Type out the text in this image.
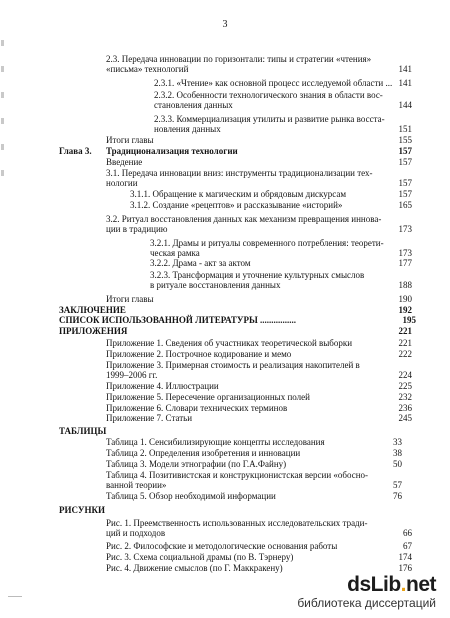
3
2.3. Передача инновации по горизонтали: типы и стратегии «чтения»
«письма» технологий	141
2.3.1. «Чтение» как основной процесс исследуемой области ... 141
2.3.2. Особенности технологического знания в области вос-
становления данных	144
2.3.3. Коммерциализация утилиты и развитие рынка восста-
новления данных	151
Итоги главы	155
Глава 3. Традиционализация технологии	157
Введение	157
3.1. Передача инновации вниз: инструменты традиционализации тех-
нологии	157
3.1.1. Обращение к магическим и обрядовым дискурсам	157
3.1.2. Создание «рецептов» и рассказывание «историй»	165
3.2. Ритуал восстановления данных как механизм превращения иннова-
ции в традицию	173
3.2.1. Драмы и ритуалы современного потребления: теорети-
ческая рамка	173
3.2.2. Драма - акт за актом	177
3.2.3. Трансформация и уточнение культурных смыслов
в ритуале восстановления данных	188
Итоги главы	190
ЗАКЛЮЧЕНИЕ	192
СПИСОК ИСПОЛЬЗОВАННОЙ ЛИТЕРАТУРЫ ................	195
ПРИЛОЖЕНИЯ	221
Приложение 1. Сведения об участниках теоретической выборки	221
Приложение 2. Построчное кодирование и мемо	222
Приложение 3. Примерная стоимость и реализация накопителей в
1999–2006 гг.	224
Приложение 4. Иллюстрации	225
Приложение 5. Пересечение организационных полей	232
Приложение 6. Словари технических терминов	236
Приложение 7. Статьи	245
ТАБЛИЦЫ
Таблица 1. Сенсибилизирующие концепты исследования	33
Таблица 2. Определения изобретения и инновации	38
Таблица 3. Модели этнографии (по Г.А.Файну)	50
Таблица 4. Позитивистская и конструкционистская версии «обосно-
ванной теории»	57
Таблица 5. Обзор необходимой информации	76
РИСУНКИ
Рис. 1. Преемственность использованных исследовательских тради-
ций и подходов	66
Рис. 2. Философские и методологические основания работы	67
Рис. 3. Схема социальной драмы (по В. Тэрнеру)	174
Рис. 4. Движение смыслов (по Г. Маккракену)	176
dsLib.net
библиотека диссертаций
